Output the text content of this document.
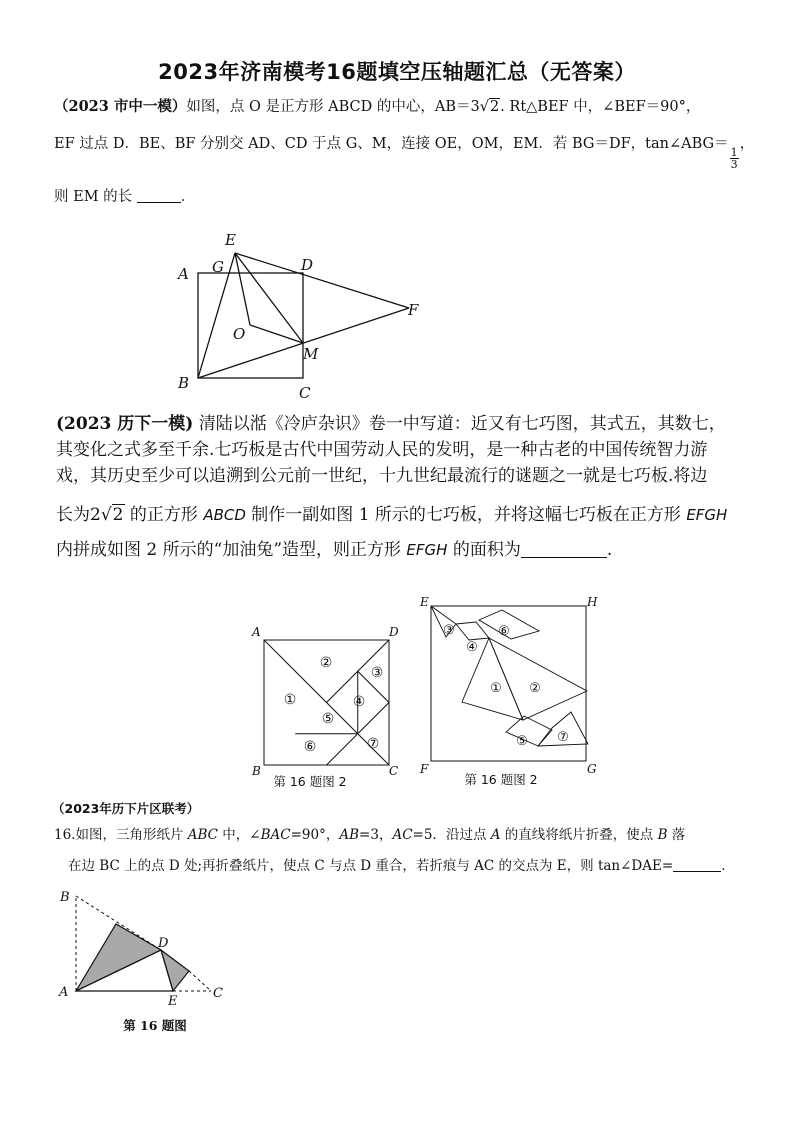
2023年济南模考16题填空压轴题汇总（无答案）
（2023 市中一模）如图，点 O 是正方形 ABCD 的中心，AB＝3√2. Rt△BEF 中，∠BEF＝90°，
EF 过点 D．BE、BF 分别交 AD、CD 于点 G、M，连接 OE，OM，EM．若 BG＝DF，tan∠ABG＝
$\frac{1}{3}$
，
则 EM 的长	．
E
A G	D
F
O
M
B
C
(2023 历下一模) 清陆以湉《冷庐杂识》卷一中写道：近又有七巧图，其式五，其数七，
其变化之式多至千余.七巧板是古代中国劳动人民的发明，是一种古老的中国传统智力游
戏，其历史至少可以追溯到公元前一世纪，十九世纪最流行的谜题之一就是七巧板.将边
长为2√2 的正方形 ABCD 制作一副如图 1 所示的七巧板，并将这幅七巧板在正方形 EFGH
内拼成如图 2 所示的“加油兔”造型，则正方形 EFGH 的面积为	.
①
②
③
④
⑤
⑥	⑦
A	D
B	C
第 16 题图 2
③
④
⑥
① ②
⑤ ⑦
E	H
F	G
第 16 题图 2
（2023年历下片区联考）
16.如图，三角形纸片 ABC 中，∠BAC=90°，AB=3，AC=5．沿过点 A 的直线将纸片折叠，使点 B 落
在边 BC 上的点 D 处;再折叠纸片，使点 C 与点 D 重合，若折痕与 AC 的交点为 E，则 tan∠DAE=	.
B
D
A
E
C
第 16 题图
